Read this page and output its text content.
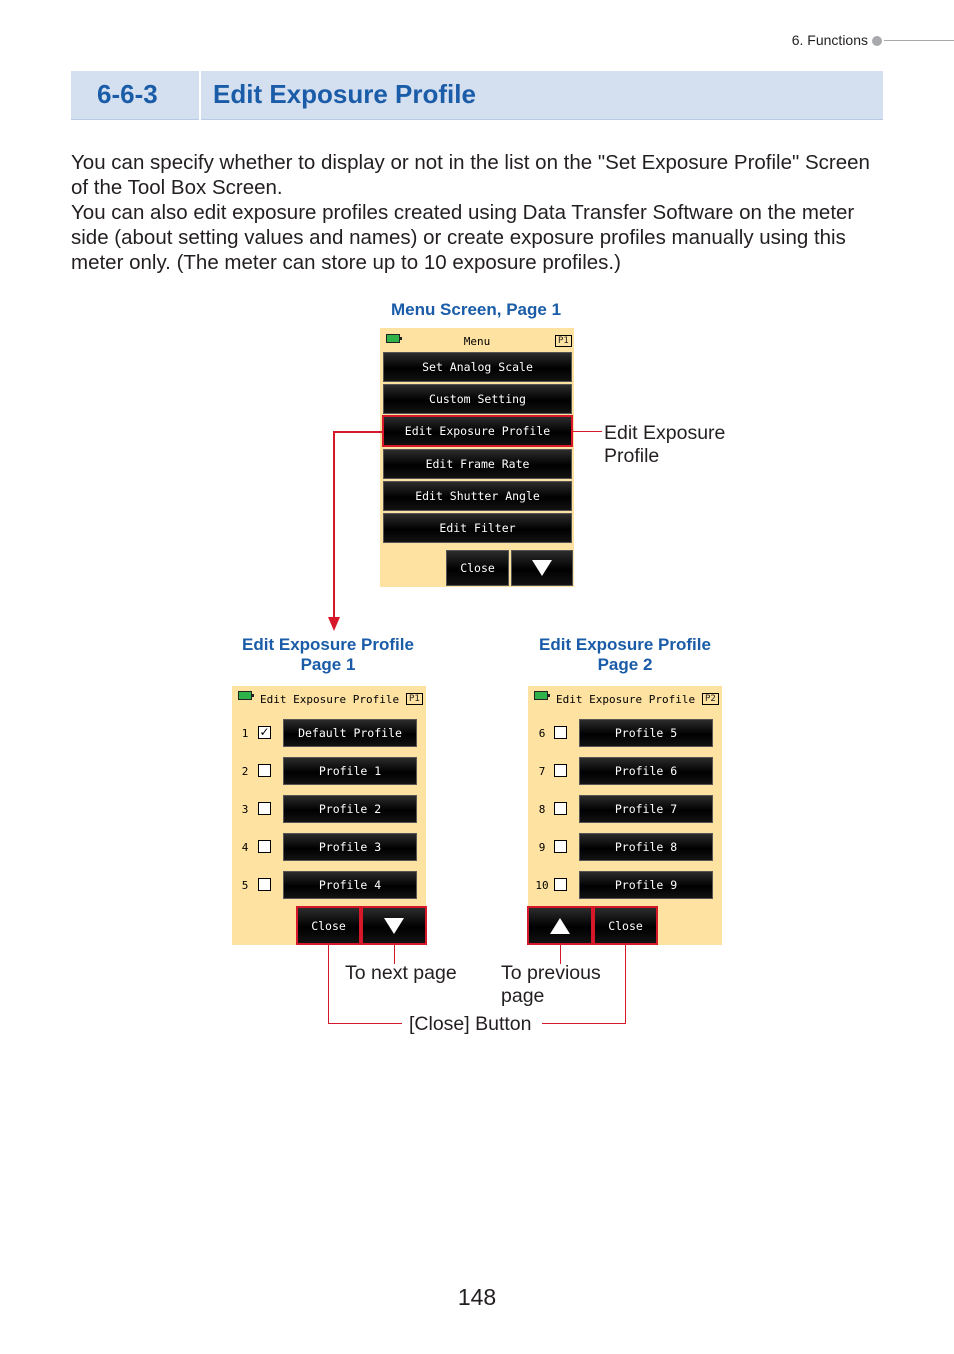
6. Functions
6-6-3 Edit Exposure Profile
You can specify whether to display or not in the list on the "Set Exposure Profile" Screen of the Tool Box Screen.
You can also edit exposure profiles created using Data Transfer Software on the meter side (about setting values and names) or create exposure profiles manually using this meter only. (The meter can store up to 10 exposure profiles.)
Menu Screen, Page 1
Menu	P1
Set Analog Scale
Custom Setting
Edit Exposure Profile
Edit Frame Rate
Edit Shutter Angle
Edit Filter
Close
Edit Exposure Profile
Edit Exposure Profile
Page 1
Edit Exposure Profile	P1
1 ✓	Default Profile
2	Profile 1
3	Profile 2
4	Profile 3
5	Profile 4
Close
Edit Exposure Profile
Page 2
Edit Exposure Profile	P2
6	Profile 5
7	Profile 6
8	Profile 7
9	Profile 8
10	Profile 9
Close
To next page To previous
page
[Close] Button
148
